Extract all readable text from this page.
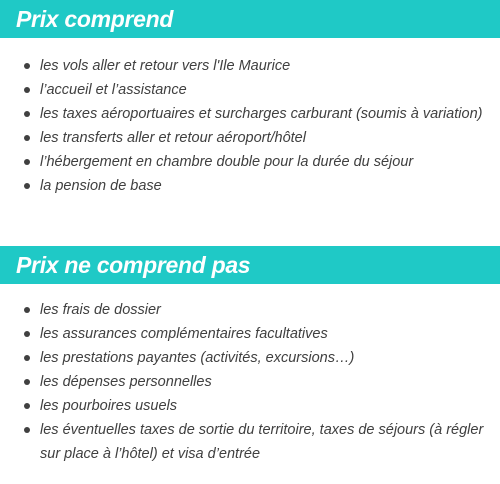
Prix comprend
les vols aller et retour vers l'Ile Maurice
l’accueil et l’assistance
les taxes aéroportuaires et surcharges carburant (soumis à variation)
les transferts aller et retour aéroport/hôtel
l’hébergement en chambre double pour la durée du séjour
la pension de base
Prix ne comprend pas
les frais de dossier
les assurances complémentaires facultatives
les prestations payantes (activités, excursions…)
les dépenses personnelles
les pourboires usuels
les éventuelles taxes de sortie du territoire, taxes de séjours (à régler sur place à l’hôtel) et visa d’entrée
